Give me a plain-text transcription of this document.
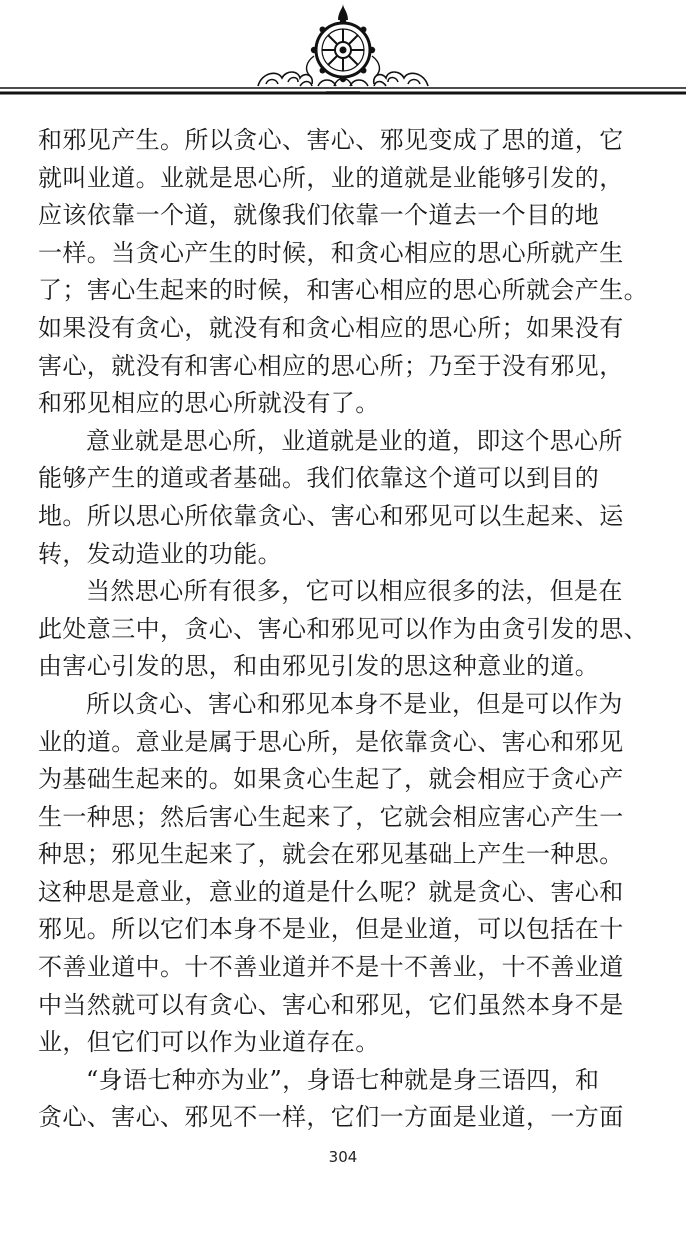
和邪见产生。所以贪心、害心、邪见变成了思的道，它
就叫业道。业就是思心所，业的道就是业能够引发的，
应该依靠一个道，就像我们依靠一个道去一个目的地
一样。当贪心产生的时候，和贪心相应的思心所就产生
了；害心生起来的时候，和害心相应的思心所就会产生。
如果没有贪心，就没有和贪心相应的思心所；如果没有
害心，就没有和害心相应的思心所；乃至于没有邪见，
和邪见相应的思心所就没有了。
意业就是思心所，业道就是业的道，即这个思心所
能够产生的道或者基础。我们依靠这个道可以到目的
地。所以思心所依靠贪心、害心和邪见可以生起来、运
转，发动造业的功能。
当然思心所有很多，它可以相应很多的法，但是在
此处意三中，贪心、害心和邪见可以作为由贪引发的思、
由害心引发的思，和由邪见引发的思这种意业的道。
所以贪心、害心和邪见本身不是业，但是可以作为
业的道。意业是属于思心所，是依靠贪心、害心和邪见
为基础生起来的。如果贪心生起了，就会相应于贪心产
生一种思；然后害心生起来了，它就会相应害心产生一
种思；邪见生起来了，就会在邪见基础上产生一种思。
这种思是意业，意业的道是什么呢？就是贪心、害心和
邪见。所以它们本身不是业，但是业道，可以包括在十
不善业道中。十不善业道并不是十不善业，十不善业道
中当然就可以有贪心、害心和邪见，它们虽然本身不是
业，但它们可以作为业道存在。
“身语七种亦为业”，身语七种就是身三语四，和
贪心、害心、邪见不一样，它们一方面是业道，一方面
304
